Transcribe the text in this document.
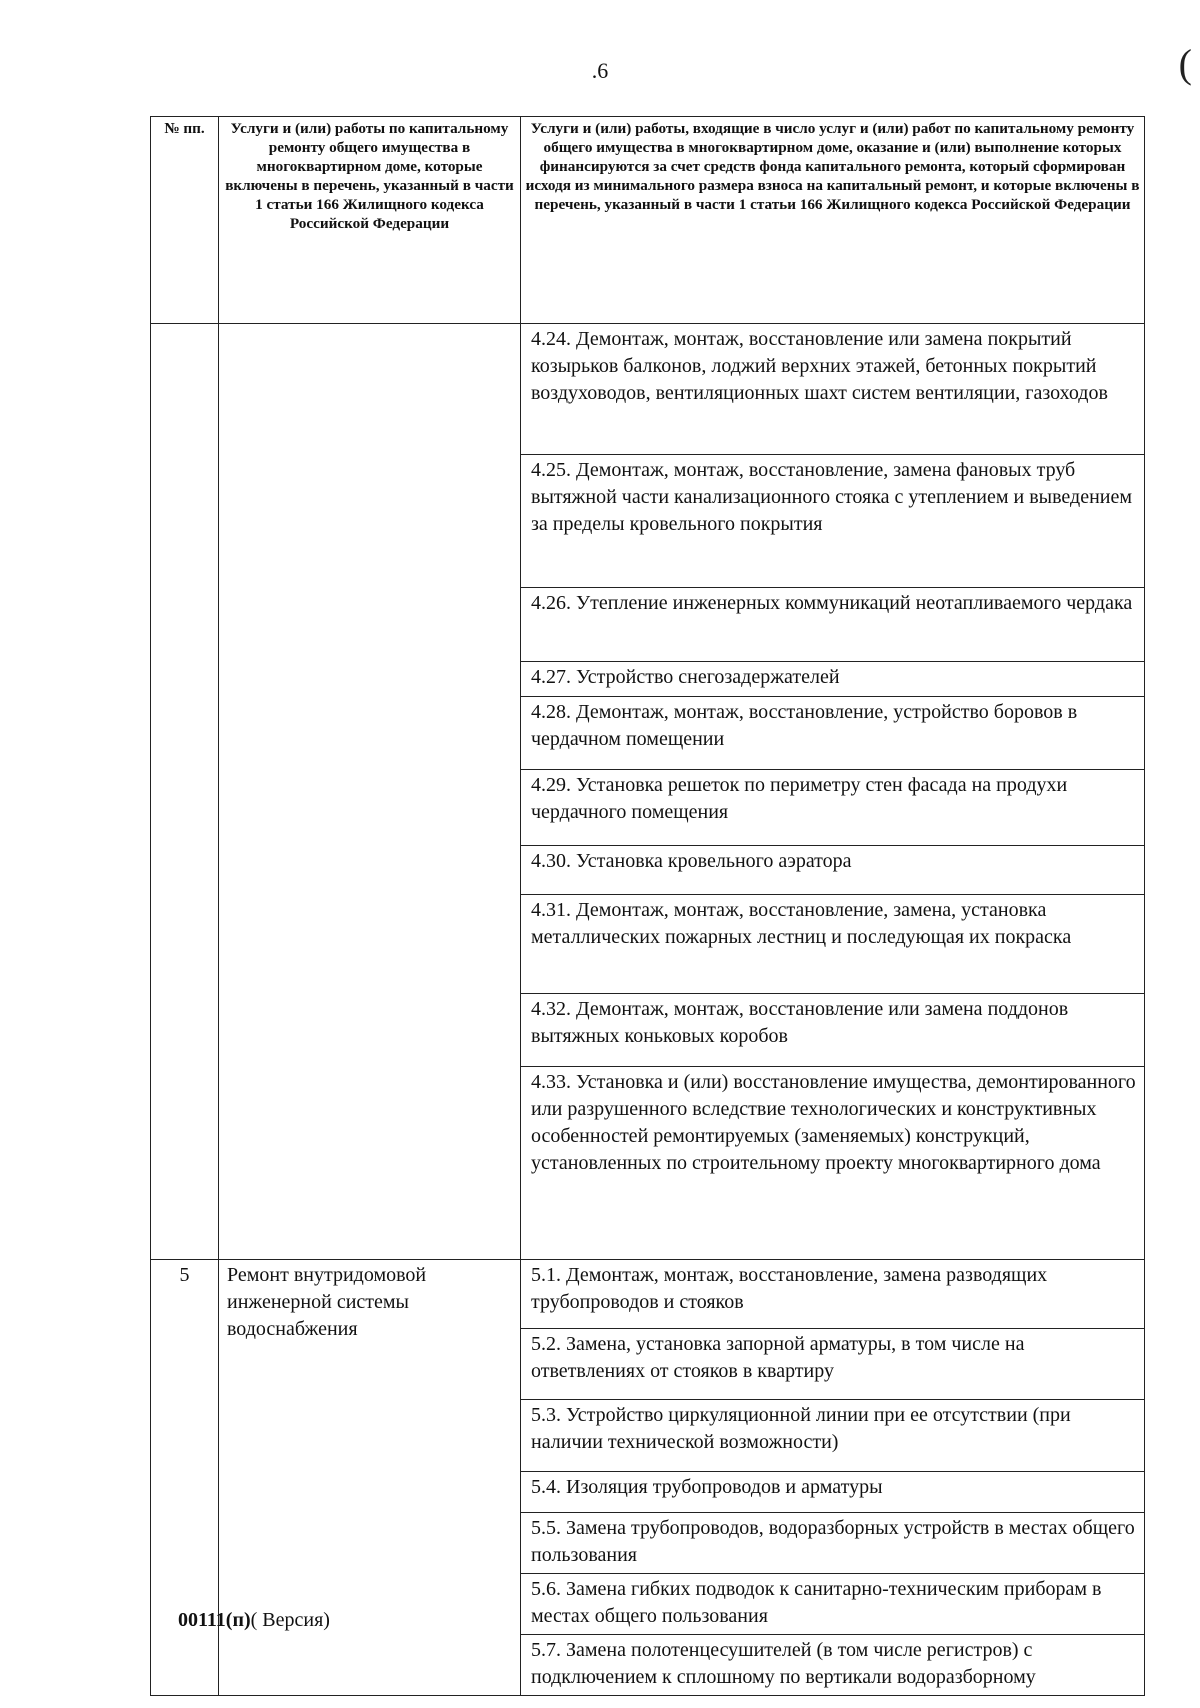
.6	(
№ пп.	Услуги и (или) работы по капитальному ремонту общего имущества в многоквартирном доме, которые включены в перечень, указанный в части 1 статьи 166 Жилищного кодекса Российской Федерации	Услуги и (или) работы, входящие в число услуг и (или) работ по капитальному ремонту общего имущества в многоквартирном доме, оказание и (или) выполнение которых финансируются за счет средств фонда капитального ремонта, который сформирован исходя из минимального размера взноса на капитальный ремонт, и которые включены в перечень, указанный в части 1 статьи 166 Жилищного кодекса Российской Федерации
		4.24. Демонтаж, монтаж, восстановление или замена покрытий козырьков балконов, лоджий верхних этажей, бетонных покрытий воздуховодов, вентиляционных шахт систем вентиляции, газоходов
		4.25. Демонтаж, монтаж, восстановление, замена фановых труб вытяжной части канализационного стояка с утеплением и выведением за пределы кровельного покрытия
		4.26. Утепление инженерных коммуникаций неотапливаемого чердака
		4.27. Устройство снегозадержателей
		4.28. Демонтаж, монтаж, восстановление, устройство боровов в чердачном помещении
		4.29. Установка решеток по периметру стен фасада на продухи чердачного помещения
		4.30. Установка кровельного аэратора
		4.31. Демонтаж, монтаж, восстановление, замена, установка металлических пожарных лестниц и последующая их покраска
		4.32. Демонтаж, монтаж, восстановление или замена поддонов вытяжных коньковых коробов
		4.33. Установка и (или) восстановление имущества, демонтированного или разрушенного вследствие технологических и конструктивных особенностей ремонтируемых (заменяемых) конструкций, установленных по строительному проекту многоквартирного дома
5	Ремонт внутридомовой инженерной системы водоснабжения	5.1. Демонтаж, монтаж, восстановление, замена разводящих трубопроводов и стояков
		5.2. Замена, установка запорной арматуры, в том числе на ответвлениях от стояков в квартиру
		5.3. Устройство циркуляционной линии при ее отсутствии (при наличии технической возможности)
		5.4. Изоляция трубопроводов и арматуры
		5.5. Замена трубопроводов, водоразборных устройств в местах общего пользования
		5.6. Замена гибких подводок к санитарно-техническим приборам в местах общего пользования
		5.7. Замена полотенцесушителей (в том числе регистров) с подключением к сплошному по вертикали водоразборному
00111(п)( Версия)
